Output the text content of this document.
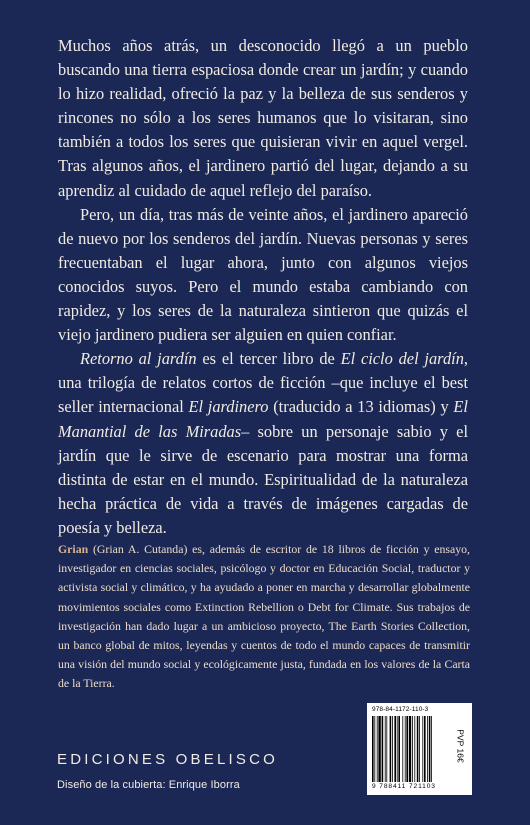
Muchos años atrás, un desconocido llegó a un pueblo buscando una tierra espaciosa donde crear un jardín; y cuando lo hizo realidad, ofreció la paz y la belleza de sus senderos y rincones no sólo a los seres humanos que lo visitaran, sino también a todos los seres que quisieran vivir en aquel vergel. Tras algunos años, el jardinero partió del lugar, dejando a su aprendiz al cuidado de aquel reflejo del paraíso.

Pero, un día, tras más de veinte años, el jardinero apareció de nuevo por los senderos del jardín. Nuevas personas y seres frecuentaban el lugar ahora, junto con algunos viejos conocidos suyos. Pero el mundo estaba cambiando con rapidez, y los seres de la naturaleza sintieron que quizás el viejo jardinero pudiera ser alguien en quien confiar.

Retorno al jardín es el tercer libro de El ciclo del jardín, una trilogía de relatos cortos de ficción –que incluye el best seller internacional El jardinero (traducido a 13 idiomas) y El Manantial de las Miradas– sobre un personaje sabio y el jardín que le sirve de escenario para mostrar una forma distinta de estar en el mundo. Espiritualidad de la naturaleza hecha práctica de vida a través de imágenes cargadas de poesía y belleza.

Grian (Grian A. Cutanda) es, además de escritor de 18 libros de ficción y ensayo, investigador en ciencias sociales, psicólogo y doctor en Educación Social, traductor y activista social y climático, y ha ayudado a poner en marcha y desarrollar globalmente movimientos sociales como Extinction Rebellion o Debt for Climate. Sus trabajos de investigación han dado lugar a un ambicioso proyecto, The Earth Stories Collection, un banco global de mitos, leyendas y cuentos de todo el mundo capaces de transmitir una visión del mundo social y ecológicamente justa, fundada en los valores de la Carta de la Tierra.

EDICIONES OBELISCO
Diseño de la cubierta: Enrique Iborra
978-84-1172-110-3
9 788411 721103
PVP 16€
